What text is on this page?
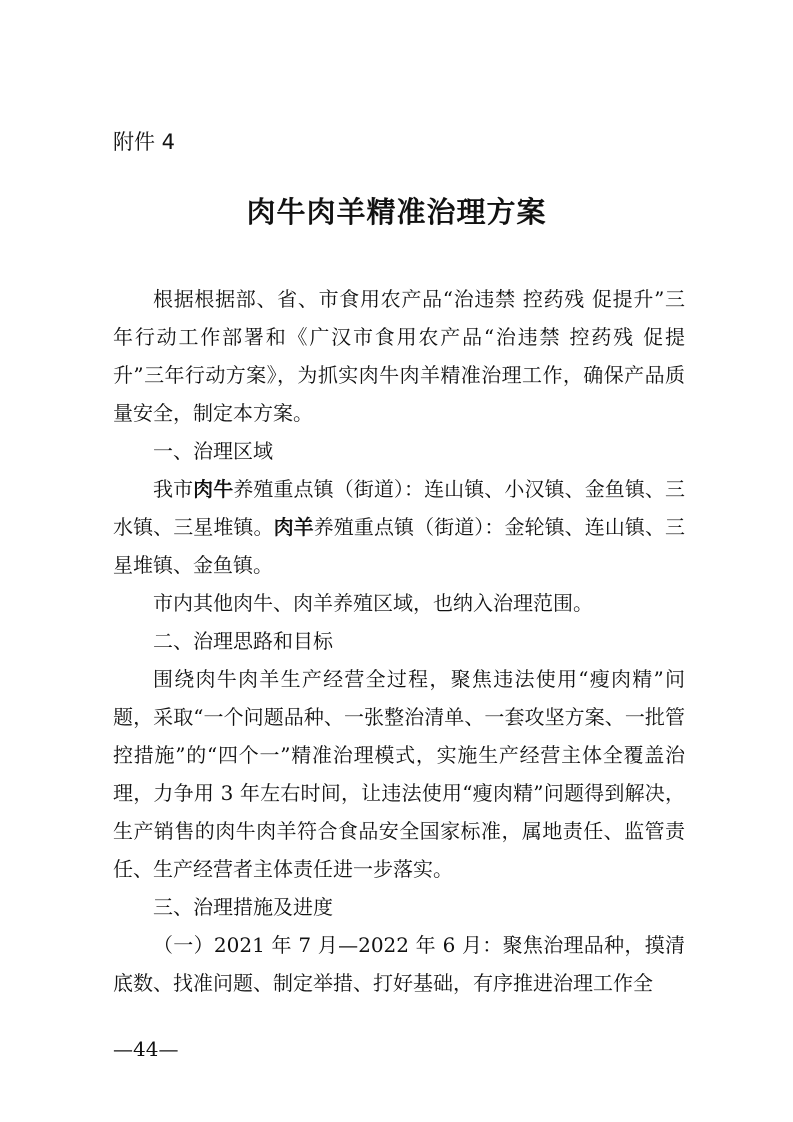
附件 4

肉牛肉羊精准治理方案

根据根据部、省、市食用农产品“治违禁 控药残 促提升”三年行动工作部署和《广汉市食用农产品“治违禁 控药残 促提升”三年行动方案》，为抓实肉牛肉羊精准治理工作，确保产品质量安全，制定本方案。

一、治理区域

我市肉牛养殖重点镇（街道）：连山镇、小汉镇、金鱼镇、三水镇、三星堆镇。肉羊养殖重点镇（街道）：金轮镇、连山镇、三星堆镇、金鱼镇。

市内其他肉牛、肉羊养殖区域，也纳入治理范围。

二、治理思路和目标

围绕肉牛肉羊生产经营全过程，聚焦违法使用“瘦肉精”问题，采取“一个问题品种、一张整治清单、一套攻坚方案、一批管控措施”的“四个一”精准治理模式，实施生产经营主体全覆盖治理，力争用 3 年左右时间，让违法使用“瘦肉精”问题得到解决，生产销售的肉牛肉羊符合食品安全国家标准，属地责任、监管责任、生产经营者主体责任进一步落实。

三、治理措施及进度

（一）2021 年 7 月—2022 年 6 月：聚焦治理品种，摸清底数、找准问题、制定举措、打好基础，有序推进治理工作全

—44—
